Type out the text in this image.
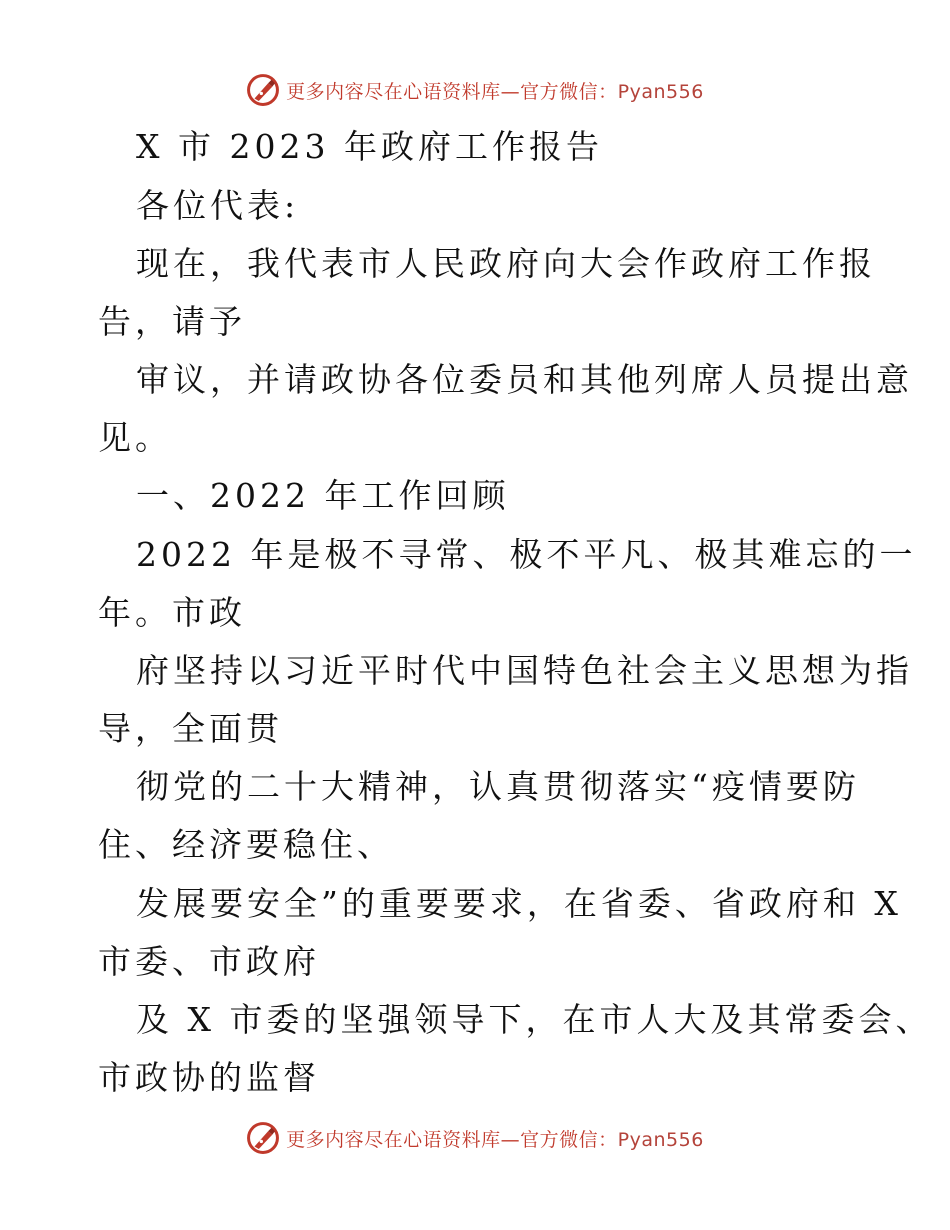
更多内容尽在心语资料库—官方微信：Pyan556
X 市 2023 年政府工作报告
各位代表:
现在，我代表市人民政府向大会作政府工作报
告，请予
审议，并请政协各位委员和其他列席人员提出意
见。
一、2022 年工作回顾
2022 年是极不寻常、极不平凡、极其难忘的一
年。市政
府坚持以习近平时代中国特色社会主义思想为指
导，全面贯
彻党的二十大精神，认真贯彻落实“疫情要防
住、经济要稳住、
发展要安全”的重要要求，在省委、省政府和 X
市委、市政府
及 X 市委的坚强领导下，在市人大及其常委会、
市政协的监督
更多内容尽在心语资料库—官方微信：Pyan556
